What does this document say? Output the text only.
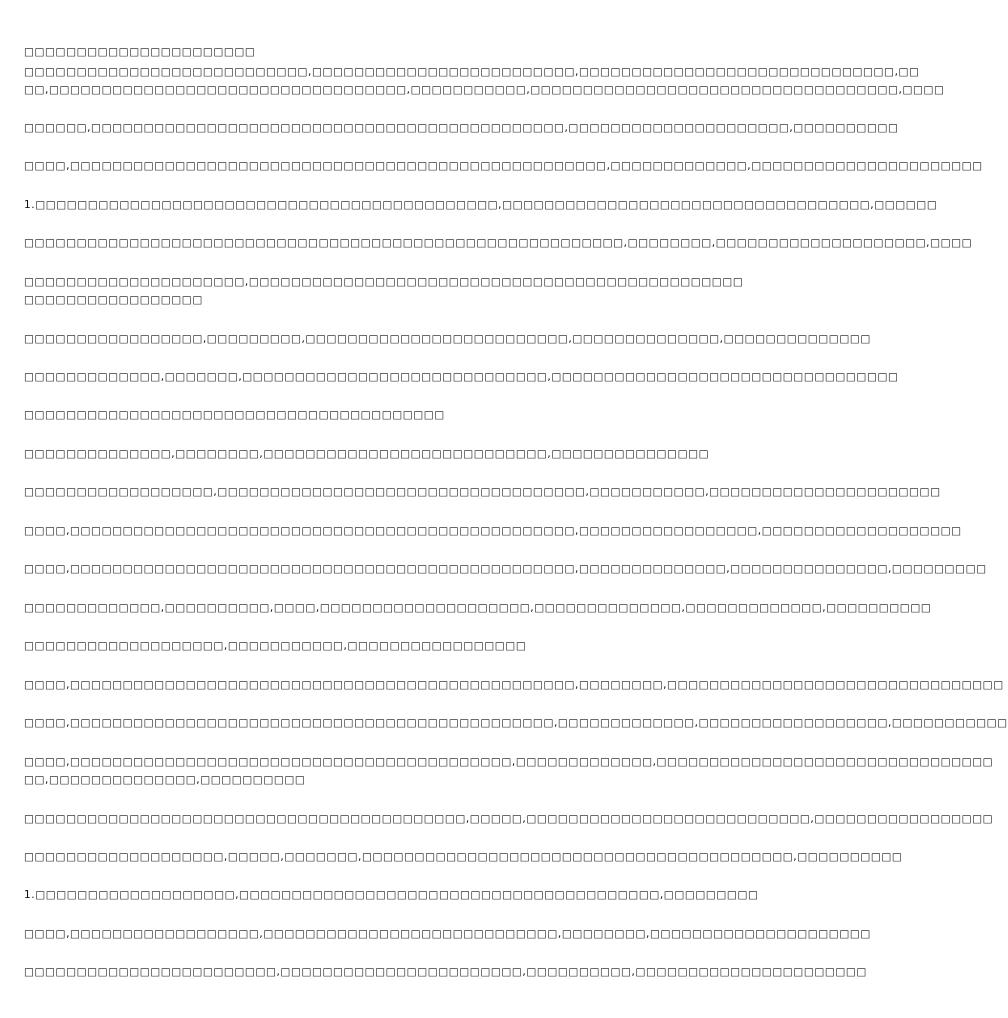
□□□□□□□□□□□□□□□□□□□□□□
□□□□□□□□□□□□□□□□□□□□□□□□□□□,□□□□□□□□□□□□□□□□□□□□□□□□□,□□□□□□□□□□□□□□□□□□□□□□□□□□□□□□,□□
□□,□□□□□□□□□□□□□□□□□□□□□□□□□□□□□□□□□□,□□□□□□□□□□□,□□□□□□□□□□□□□□□□□□□□□□□□□□□□□□□□□□□,□□□□
□□□□□□,□□□□□□□□□□□□□□□□□□□□□□□□□□□□□□□□□□□□□□□□□□□□□,□□□□□□□□□□□□□□□□□□□□□,□□□□□□□□□□
□□□□,□□□□□□□□□□□□□□□□□□□□□□□□□□□□□□□□□□□□□□□□□□□□□□□□□□□,□□□□□□□□□□□□□,□□□□□□□□□□□□□□□□□□□□□□
1.□□□□□□□□□□□□□□□□□□□□□□□□□□□□□□□□□□□□□□□□□□□□,□□□□□□□□□□□□□□□□□□□□□□□□□□□□□□□□□□□,□□□□□□
□□□□□□□□□□□□□□□□□□□□□□□□□□□□□□□□□□□□□□□□□□□□□□□□□□□□□□□□□,□□□□□□□□,□□□□□□□□□□□□□□□□□□□□,□□□□
□□□□□□□□□□□□□□□□□□□□□,□□□□□□□□□□□□□□□□□□□□□□□□□□□□□□□□□□□□□□□□□□□□□□□
□□□□□□□□□□□□□□□□□
□□□□□□□□□□□□□□□□□,□□□□□□□□□,□□□□□□□□□□□□□□□□□□□□□□□□□,□□□□□□□□□□□□□□,□□□□□□□□□□□□□□
□□□□□□□□□□□□□,□□□□□□□,□□□□□□□□□□□□□□□□□□□□□□□□□□□□□,□□□□□□□□□□□□□□□□□□□□□□□□□□□□□□□□□
□□□□□□□□□□□□□□□□□□□□□□□□□□□□□□□□□□□□□□□□
□□□□□□□□□□□□□□,□□□□□□□□,□□□□□□□□□□□□□□□□□□□□□□□□□□□,□□□□□□□□□□□□□□□
□□□□□□□□□□□□□□□□□□,□□□□□□□□□□□□□□□□□□□□□□□□□□□□□□□□□□□,□□□□□□□□□□□,□□□□□□□□□□□□□□□□□□□□□□
□□□□,□□□□□□□□□□□□□□□□□□□□□□□□□□□□□□□□□□□□□□□□□□□□□□□□,□□□□□□□□□□□□□□□□□,□□□□□□□□□□□□□□□□□□□
□□□□,□□□□□□□□□□□□□□□□□□□□□□□□□□□□□□□□□□□□□□□□□□□□□□□□,□□□□□□□□□□□□□□,□□□□□□□□□□□□□□□,□□□□□□□□□
□□□□□□□□□□□□□,□□□□□□□□□□,□□□□,□□□□□□□□□□□□□□□□□□□□,□□□□□□□□□□□□□□,□□□□□□□□□□□□□,□□□□□□□□□□
□□□□□□□□□□□□□□□□□□□,□□□□□□□□□□□,□□□□□□□□□□□□□□□□□
□□□□,□□□□□□□□□□□□□□□□□□□□□□□□□□□□□□□□□□□□□□□□□□□□□□□□,□□□□□□□□,□□□□□□□□□□□□□□□□□□□□□□□□□□□□□□□□
□□□□,□□□□□□□□□□□□□□□□□□□□□□□□□□□□□□□□□□□□□□□□□□□□□□,□□□□□□□□□□□□□,□□□□□□□□□□□□□□□□□□,□□□□□□□□□□□
□□□□,□□□□□□□□□□□□□□□□□□□□□□□□□□□□□□□□□□□□□□□□□□,□□□□□□□□□□□□□,□□□□□□□□□□□□□□□□□□□□□□□□□□□□□□□□
□□,□□□□□□□□□□□□□□,□□□□□□□□□□
□□□□□□□□□□□□□□□□□□□□□□□□□□□□□□□□□□□□□□□□□□,□□□□□,□□□□□□□□□□□□□□□□□□□□□□□□□□□,□□□□□□□□□□□□□□□□□
□□□□□□□□□□□□□□□□□□□,□□□□□,□□□□□□□,□□□□□□□□□□□□□□□□□□□□□□□□□□□□□□□□□□□□□□□□□,□□□□□□□□□□
1.□□□□□□□□□□□□□□□□□□□,□□□□□□□□□□□□□□□□□□□□□□□□□□□□□□□□□□□□□□□□,□□□□□□□□□
□□□□,□□□□□□□□□□□□□□□□□□,□□□□□□□□□□□□□□□□□□□□□□□□□□□□,□□□□□□□□,□□□□□□□□□□□□□□□□□□□□□
□□□□□□□□□□□□□□□□□□□□□□□□,□□□□□□□□□□□□□□□□□□□□□□□,□□□□□□□□□□,□□□□□□□□□□□□□□□□□□□□□□
